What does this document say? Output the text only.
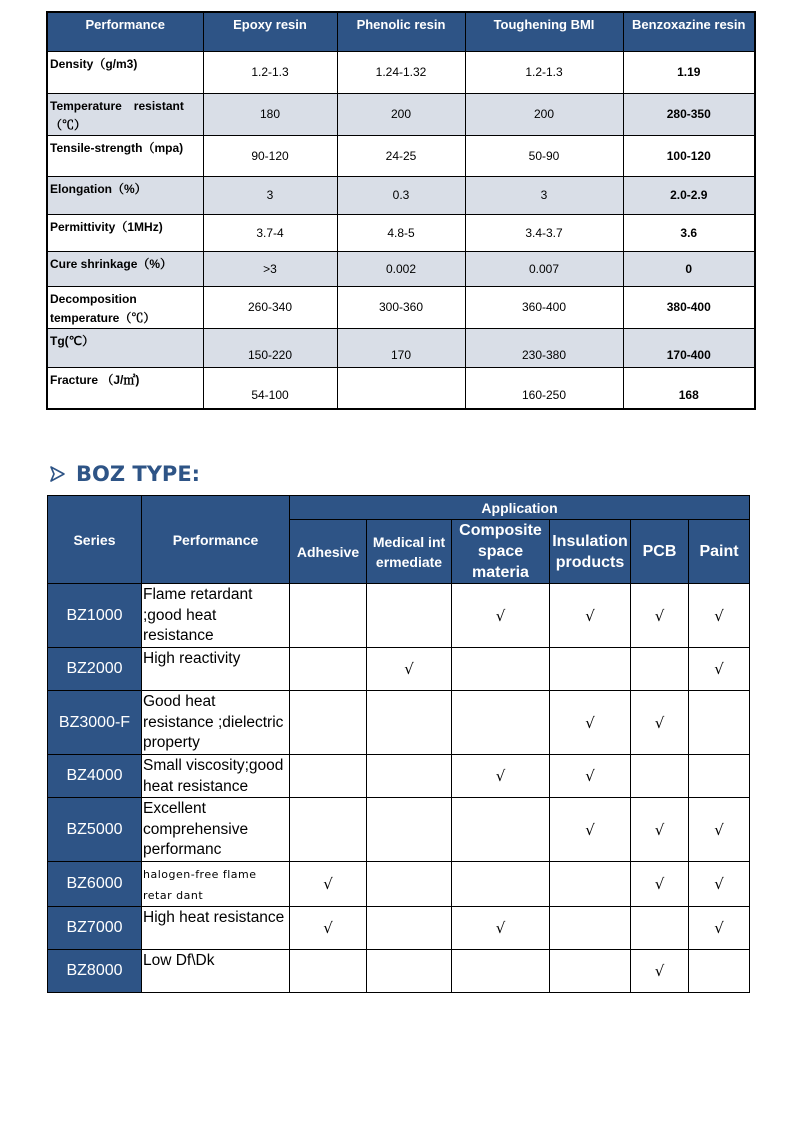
Performance	Epoxy resin	Phenolic resin	Toughening BMI	Benzoxazine resin
Density（g/m3)	1.2-1.3	1.24-1.32	1.2-1.3	1.19
Temperature　resistant（℃）	180	200	200	280-350
Tensile-strength（mpa)	90-120	24-25	50-90	100-120
Elongation（%）	3	0.3	3	2.0-2.9
Permittivity（1MHz)	3.7-4	4.8-5	3.4-3.7	3.6
Cure shrinkage（%）	>3	0.002	0.007	0
Decomposition temperature（℃）	260-340	300-360	360-400	380-400
Tg(℃）	150-220	170	230-380	170-400
Fracture （J/㎡)	54-100		160-250	168
BOZ TYPE:
Series	Performance	Application					
		Adhesive	Medical int ermediate	Composite space materia	Insulation products	PCB	Paint
BZ1000	Flame retardant ;good heat resistance			√	√	√	√
BZ2000	High reactivity		√				√
BZ3000-F	Good heat resistance ;dielectric property				√	√	
BZ4000	Small viscosity;good heat resistance			√	√		
BZ5000	Excellent comprehensive performanc				√	√	√
BZ6000	halogen-free flame retar dant	√				√	√
BZ7000	High heat resistance	√		√			√
BZ8000	Low Df\Dk					√	
